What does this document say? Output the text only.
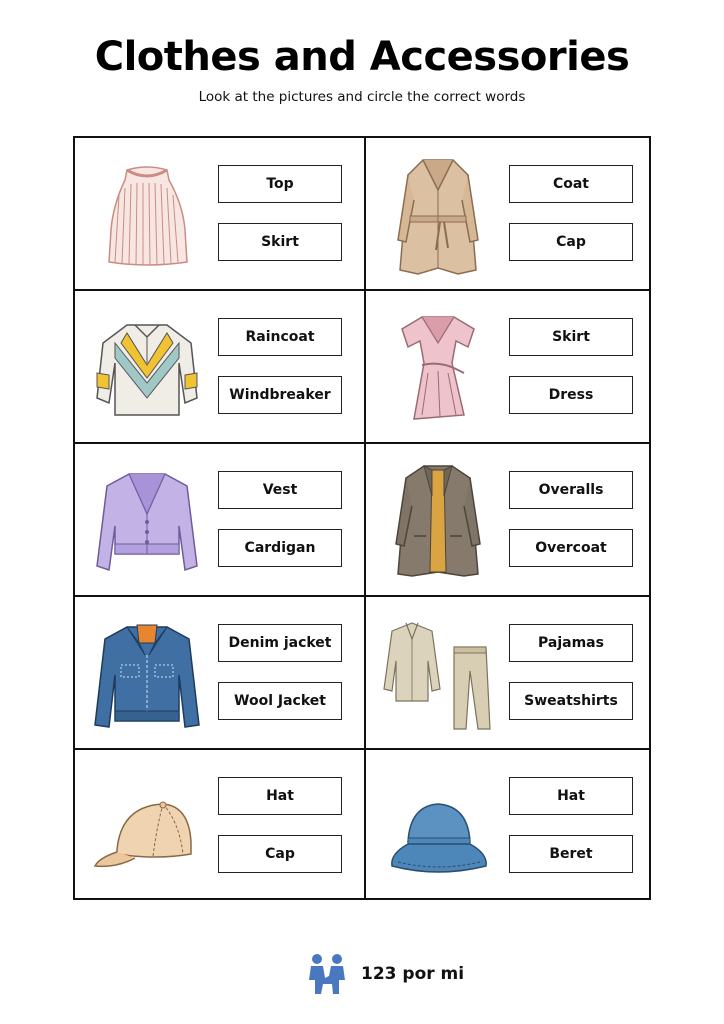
Clothes and Accessories
Look at the pictures and circle the correct words
Top
Skirt
Coat
Cap
Raincoat
Windbreaker
Skirt
Dress
Vest
Cardigan
Overalls
Overcoat
Denim jacket
Wool Jacket
Pajamas
Sweatshirts
Hat
Cap
Hat
Beret
123 por mi
